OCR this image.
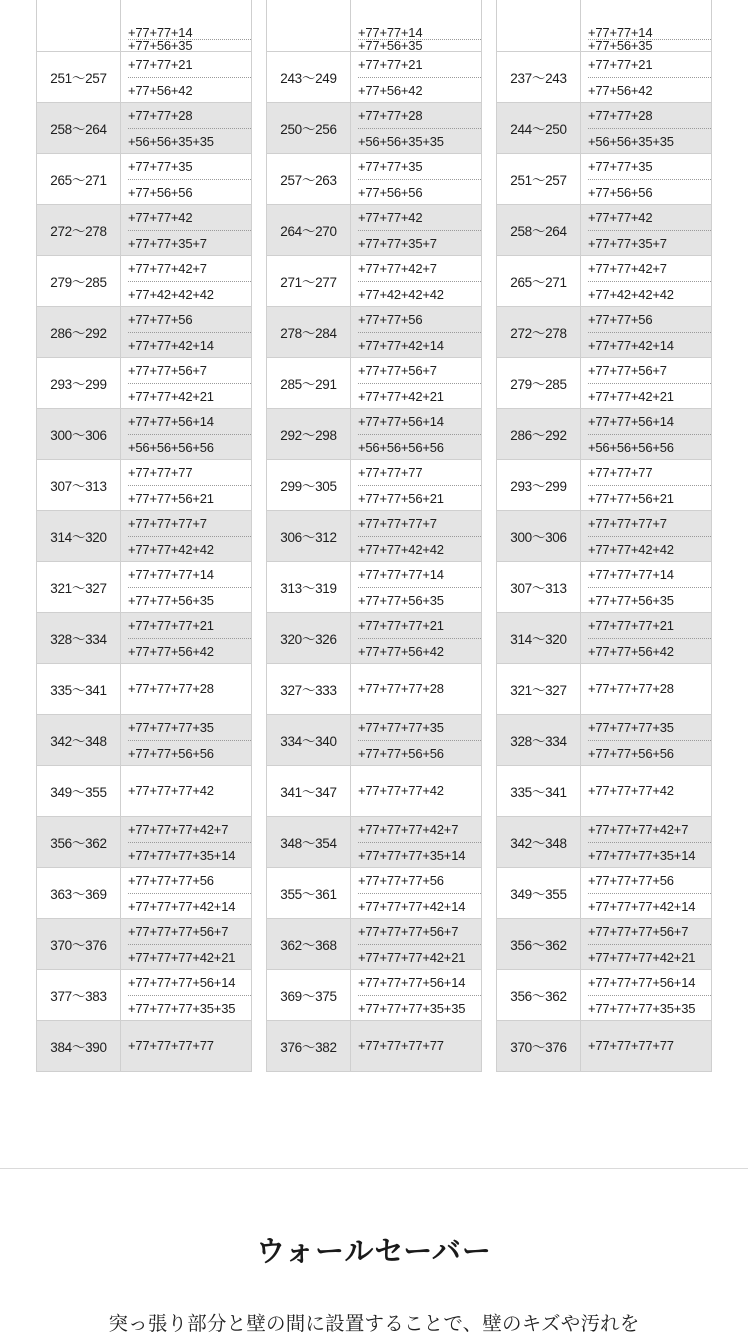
	+77+77+14
+77+56+35

251〜257	+77+77+21
+77+56+42

258〜264	+77+77+28
+56+56+35+35

265〜271	+77+77+35
+77+56+56

272〜278	+77+77+42
+77+77+35+7

279〜285	+77+77+42+7
+77+42+42+42

286〜292	+77+77+56
+77+77+42+14

293〜299	+77+77+56+7
+77+77+42+21

300〜306	+77+77+56+14
+56+56+56+56

307〜313	+77+77+77
+77+77+56+21

314〜320	+77+77+77+7
+77+77+42+42

321〜327	+77+77+77+14
+77+77+56+35

328〜334	+77+77+77+21
+77+77+56+42

335〜341	+77+77+77+28

342〜348	+77+77+77+35
+77+77+56+56

349〜355	+77+77+77+42

356〜362	+77+77+77+42+7
+77+77+77+35+14

363〜369	+77+77+77+56
+77+77+77+42+14

370〜376	+77+77+77+56+7
+77+77+77+42+21

377〜383	+77+77+77+56+14
+77+77+77+35+35

384〜390	+77+77+77+77

	+77+77+14
+77+56+35

243〜249	+77+77+21
+77+56+42

250〜256	+77+77+28
+56+56+35+35

257〜263	+77+77+35
+77+56+56

264〜270	+77+77+42
+77+77+35+7

271〜277	+77+77+42+7
+77+42+42+42

278〜284	+77+77+56
+77+77+42+14

285〜291	+77+77+56+7
+77+77+42+21

292〜298	+77+77+56+14
+56+56+56+56

299〜305	+77+77+77
+77+77+56+21

306〜312	+77+77+77+7
+77+77+42+42

313〜319	+77+77+77+14
+77+77+56+35

320〜326	+77+77+77+21
+77+77+56+42

327〜333	+77+77+77+28

334〜340	+77+77+77+35
+77+77+56+56

341〜347	+77+77+77+42

348〜354	+77+77+77+42+7
+77+77+77+35+14

355〜361	+77+77+77+56
+77+77+77+42+14

362〜368	+77+77+77+56+7
+77+77+77+42+21

369〜375	+77+77+77+56+14
+77+77+77+35+35

376〜382	+77+77+77+77

	+77+77+14
+77+56+35

237〜243	+77+77+21
+77+56+42

244〜250	+77+77+28
+56+56+35+35

251〜257	+77+77+35
+77+56+56

258〜264	+77+77+42
+77+77+35+7

265〜271	+77+77+42+7
+77+42+42+42

272〜278	+77+77+56
+77+77+42+14

279〜285	+77+77+56+7
+77+77+42+21

286〜292	+77+77+56+14
+56+56+56+56

293〜299	+77+77+77
+77+77+56+21

300〜306	+77+77+77+7
+77+77+42+42

307〜313	+77+77+77+14
+77+77+56+35

314〜320	+77+77+77+21
+77+77+56+42

321〜327	+77+77+77+28

328〜334	+77+77+77+35
+77+77+56+56

335〜341	+77+77+77+42

342〜348	+77+77+77+42+7
+77+77+77+35+14

349〜355	+77+77+77+56
+77+77+77+42+14

356〜362	+77+77+77+56+7
+77+77+77+42+21

356〜362	+77+77+77+56+14
+77+77+77+35+35

370〜376	+77+77+77+77
ウォールセーバー

突っ張り部分と壁の間に設置することで、壁のキズや汚れを
